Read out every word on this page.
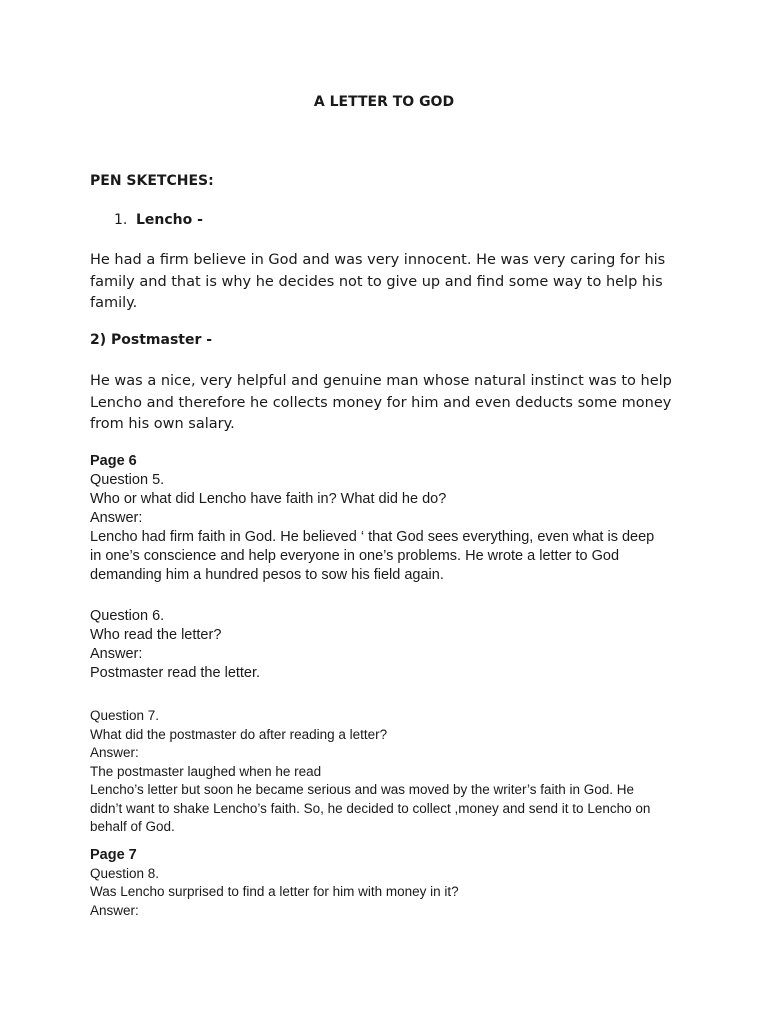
A LETTER TO GOD
PEN SKETCHES:
1. Lencho -
He had a firm believe in God and was very innocent. He was very caring for his
family and that is why he decides not to give up and find some way to help his
family.
2) Postmaster -
He was a nice, very helpful and genuine man whose natural instinct was to help
Lencho and therefore he collects money for him and even deducts some money
from his own salary.
Page 6
Question 5.
Who or what did Lencho have faith in? What did he do?
Answer:
Lencho had firm faith in God. He believed ‘ that God sees everything, even what is deep
in one’s conscience and help everyone in one’s problems. He wrote a letter to God
demanding him a hundred pesos to sow his field again.
Question 6.
Who read the letter?
Answer:
Postmaster read the letter.
Question 7.
What did the postmaster do after reading a letter?
Answer:
The postmaster laughed when he read
Lencho’s letter but soon he became serious and was moved by the writer’s faith in God. He
didn’t want to shake Lencho’s faith. So, he decided to collect ,money and send it to Lencho on
behalf of God.
Page 7
Question 8.
Was Lencho surprised to find a letter for him with money in it?
Answer:
